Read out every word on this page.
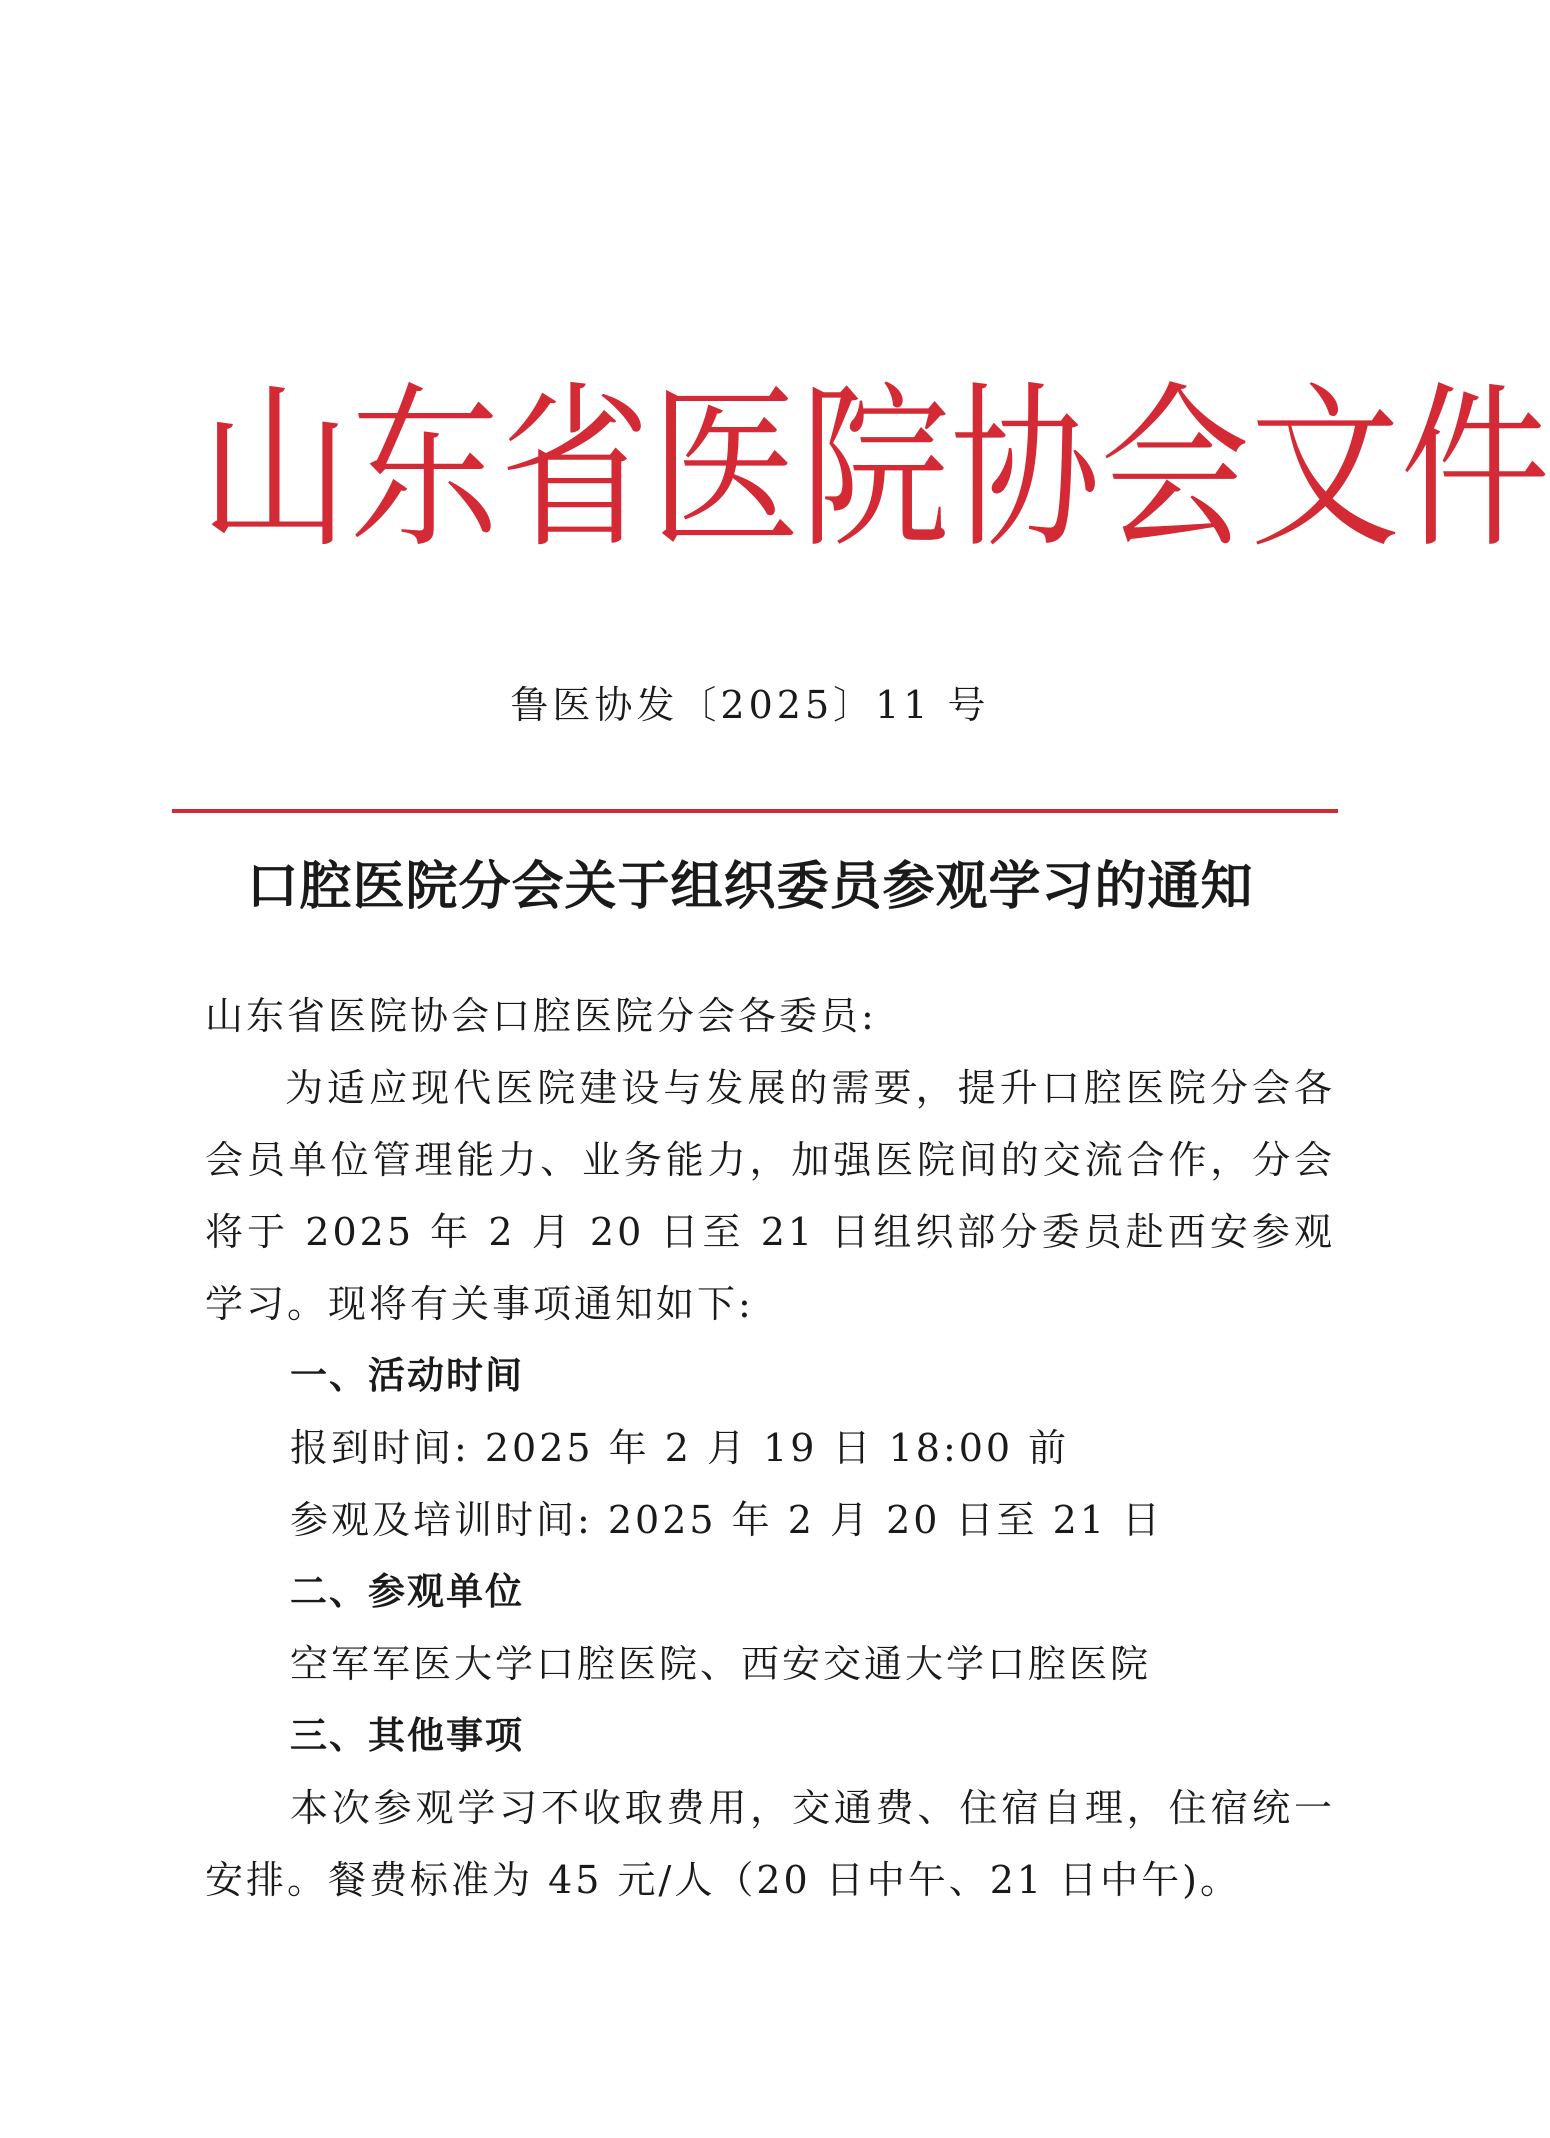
山 东 省 医 院 协 会 文 件
鲁医协发〔2025〕11 号
口腔医院分会关于组织委员参观学习的通知
山东省医院协会口腔医院分会各委员:
为适应现代医院建设与发展的需要，提升口腔医院分会各会员单位管理能力、业务能力，加强医院间的交流合作，分会将于 2025 年 2 月 20 日至 21 日组织部分委员赴西安参观学习。现将有关事项通知如下:
一、活动时间
报到时间: 2025 年 2 月 19 日 18:00 前
参观及培训时间: 2025 年 2 月 20 日至 21 日
二、参观单位
空军军医大学口腔医院、西安交通大学口腔医院
三、其他事项
本次参观学习不收取费用，交通费、住宿自理，住宿统一安排。餐费标准为 45 元/人（20 日中午、21 日中午)。
